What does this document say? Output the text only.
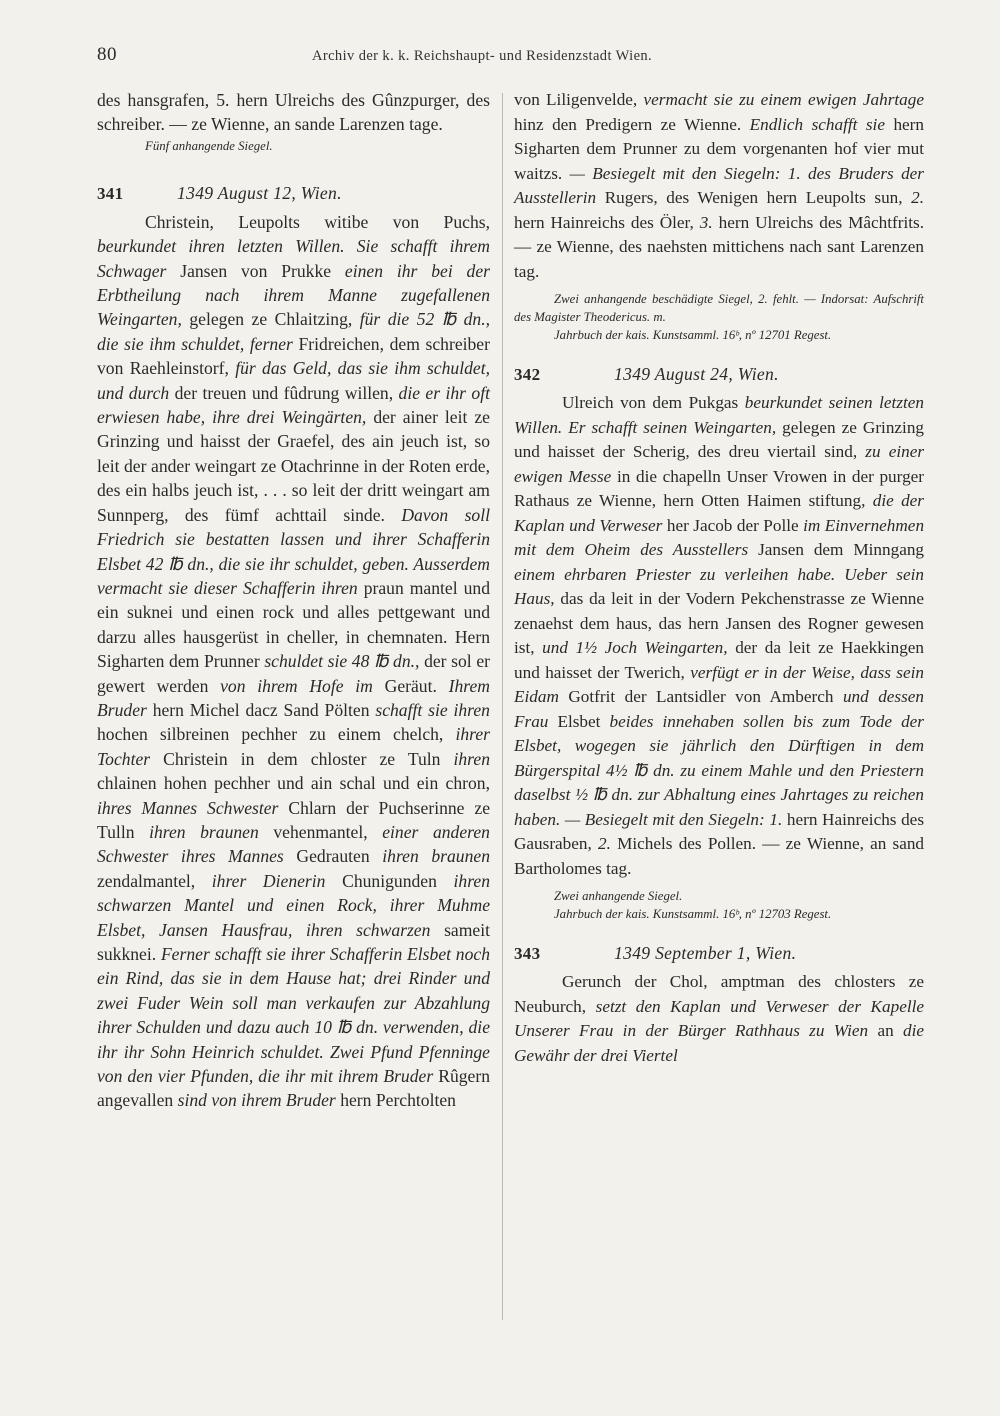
80	Archiv der k. k. Reichshaupt- und Residenzstadt Wien.

des hansgrafen, 5. hern Ulreichs des Gûnzpurger, des schreiber. — ze Wienne, an sande Larenzen tage.

Fünf anhangende Siegel.

341	1349 August 12, Wien.

Christein, Leupolts witibe von Puchs, beurkundet ihren letzten Willen. Sie schafft ihrem Schwager Jansen von Prukke einen ihr bei der Erbtheilung nach ihrem Manne zugefallenen Weingarten, gelegen ze Chlaitzing, für die 52 ℔ dn., die sie ihm schuldet, ferner Fridreichen, dem schreiber von Raehleinstorf, für das Geld, das sie ihm schuldet, und durch der treuen und fûdrung willen, die er ihr oft erwiesen habe, ihre drei Weingärten, der ainer leit ze Grinzing und haisst der Graefel, des ain jeuch ist, so leit der ander weingart ze Otachrinne in der Roten erde, des ein halbs jeuch ist, . . . so leit der dritt weingart am Sunnperg, des fümf achttail sinde. Davon soll Friedrich sie bestatten lassen und ihrer Schafferin Elsbet 42 ℔ dn., die sie ihr schuldet, geben. Ausserdem vermacht sie dieser Schafferin ihren praun mantel und ein suknei und einen rock und alles pettgewant und darzu alles hausgerüst in cheller, in chemnaten. Hern Sigharten dem Prunner schuldet sie 48 ℔ dn., der sol er gewert werden von ihrem Hofe im Geräut. Ihrem Bruder hern Michel dacz Sand Pölten schafft sie ihren hochen silbreinen pechher zu einem chelch, ihrer Tochter Christein in dem chloster ze Tuln ihren chlainen hohen pechher und ain schal und ein chron, ihres Mannes Schwester Chlarn der Puchserinne ze Tulln ihren braunen vehenmantel, einer anderen Schwester ihres Mannes Gedrauten ihren braunen zendalmantel, ihrer Dienerin Chunigunden ihren schwarzen Mantel und einen Rock, ihrer Muhme Elsbet, Jansen Hausfrau, ihren schwarzen sameit sukknei. Ferner schafft sie ihrer Schafferin Elsbet noch ein Rind, das sie in dem Hause hat; drei Rinder und zwei Fuder Wein soll man verkaufen zur Abzahlung ihrer Schulden und dazu auch 10 ℔ dn. verwenden, die ihr ihr Sohn Heinrich schuldet. Zwei Pfund Pfenninge von den vier Pfunden, die ihr mit ihrem Bruder Rûgern angevallen sind von ihrem Bruder hern Perchtolten

von Liligenvelde, vermacht sie zu einem ewigen Jahrtage hinz den Predigern ze Wienne. Endlich schafft sie hern Sigharten dem Prunner zu dem vorgenanten hof vier mut waitzs. — Besiegelt mit den Siegeln: 1. des Bruders der Ausstellerin Rugers, des Wenigen hern Leupolts sun, 2. hern Hainreichs des Öler, 3. hern Ulreichs des Mâchtfrits. — ze Wienne, des naehsten mittichens nach sant Larenzen tag.

Zwei anhangende beschädigte Siegel, 2. fehlt. — Indorsat: Aufschrift des Magister Theodericus. m.

Jahrbuch der kais. Kunstsamml. 16ᵇ, nº 12701 Regest.

342	1349 August 24, Wien.

Ulreich von dem Pukgas beurkundet seinen letzten Willen. Er schafft seinen Weingarten, gelegen ze Grinzing und haisset der Scherig, des dreu viertail sind, zu einer ewigen Messe in die chapelln Unser Vrowen in der purger Rathaus ze Wienne, hern Otten Haimen stiftung, die der Kaplan und Verweser her Jacob der Polle im Einvernehmen mit dem Oheim des Ausstellers Jansen dem Minngang einem ehrbaren Priester zu verleihen habe. Ueber sein Haus, das da leit in der Vodern Pekchenstrasse ze Wienne zenaehst dem haus, das hern Jansen des Rogner gewesen ist, und 1½ Joch Weingarten, der da leit ze Haekkingen und haisset der Twerich, verfügt er in der Weise, dass sein Eidam Gotfrit der Lantsidler von Amberch und dessen Frau Elsbet beides innehaben sollen bis zum Tode der Elsbet, wogegen sie jährlich den Dürftigen in dem Bürgerspital 4½ ℔ dn. zu einem Mahle und den Priestern daselbst ½ ℔ dn. zur Abhaltung eines Jahrtages zu reichen haben. — Besiegelt mit den Siegeln: 1. hern Hainreichs des Gausraben, 2. Michels des Pollen. — ze Wienne, an sand Bartholomes tag.

Zwei anhangende Siegel.

Jahrbuch der kais. Kunstsamml. 16ᵇ, nº 12703 Regest.

343	1349 September 1, Wien.

Gerunch der Chol, amptman des chlosters ze Neuburch, setzt den Kaplan und Verweser der Kapelle Unserer Frau in der Bürger Rathhaus zu Wien an die Gewähr der drei Viertel
